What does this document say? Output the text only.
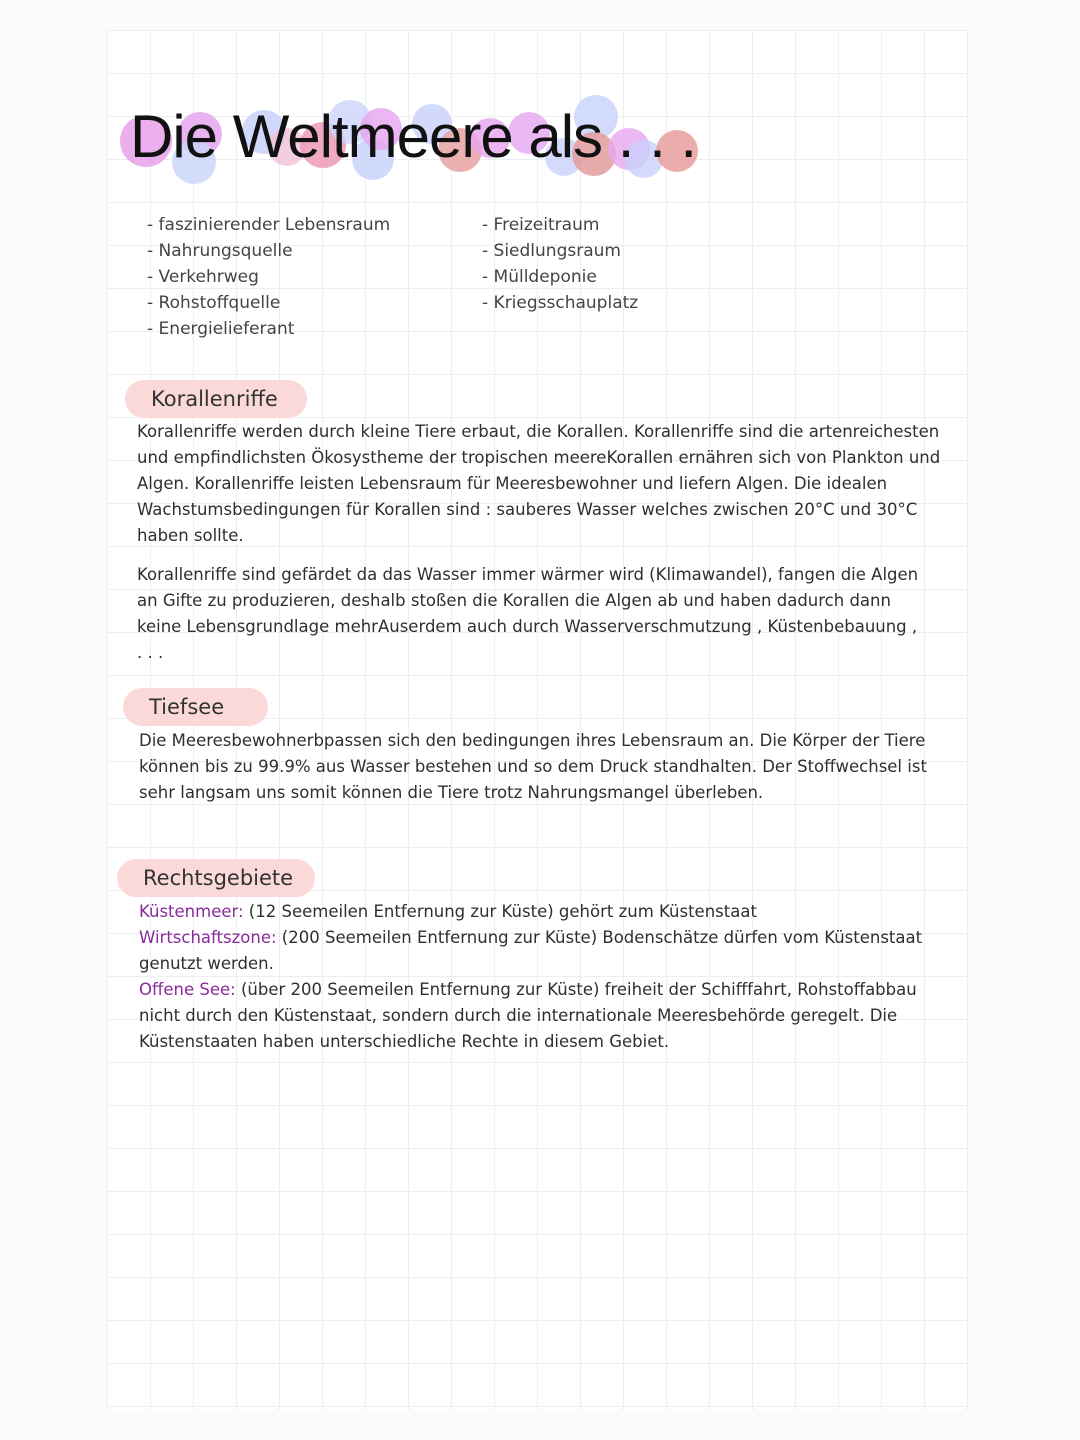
Die Weltmeere als . . .
- faszinierender Lebensraum
- Nahrungsquelle
- Verkehrweg
- Rohstoffquelle
- Energielieferant
- Freizeitraum
- Siedlungsraum
- Mülldeponie
- Kriegsschauplatz
Korallenriffe

Korallenriffe werden durch kleine Tiere erbaut, die Korallen. Korallenriffe sind die artenreichesten und empfindlichsten Ökosystheme der tropischen meereKorallen ernähren sich von Plankton und Algen. Korallenriffe leisten Lebensraum für Meeresbewohner und liefern Algen. Die idealen Wachstumsbedingungen für Korallen sind : sauberes Wasser welches zwischen 20°C und 30°C haben sollte.

Korallenriffe sind gefärdet da das Wasser immer wärmer wird (Klimawandel), fangen die Algen an Gifte zu produzieren, deshalb stoßen die Korallen die Algen ab und haben dadurch dann keine Lebensgrundlage mehrAuserdem auch durch Wasserverschmutzung , Küstenbebauung , . . .

Tiefsee

Die Meeresbewohnerbpassen sich den bedingungen ihres Lebensraum an. Die Körper der Tiere können bis zu 99.9% aus Wasser bestehen und so dem Druck standhalten. Der Stoffwechsel ist sehr langsam uns somit können die Tiere trotz Nahrungsmangel überleben.

Rechtsgebiete

Küstenmeer: (12 Seemeilen Entfernung zur Küste) gehört zum Küstenstaat
Wirtschaftszone: (200 Seemeilen Entfernung zur Küste) Bodenschätze dürfen vom Küstenstaat genutzt werden.
Offene See: (über 200 Seemeilen Entfernung zur Küste) freiheit der Schifffahrt, Rohstoffabbau nicht durch den Küstenstaat, sondern durch die internationale Meeresbehörde geregelt. Die Küstenstaaten haben unterschiedliche Rechte in diesem Gebiet.
